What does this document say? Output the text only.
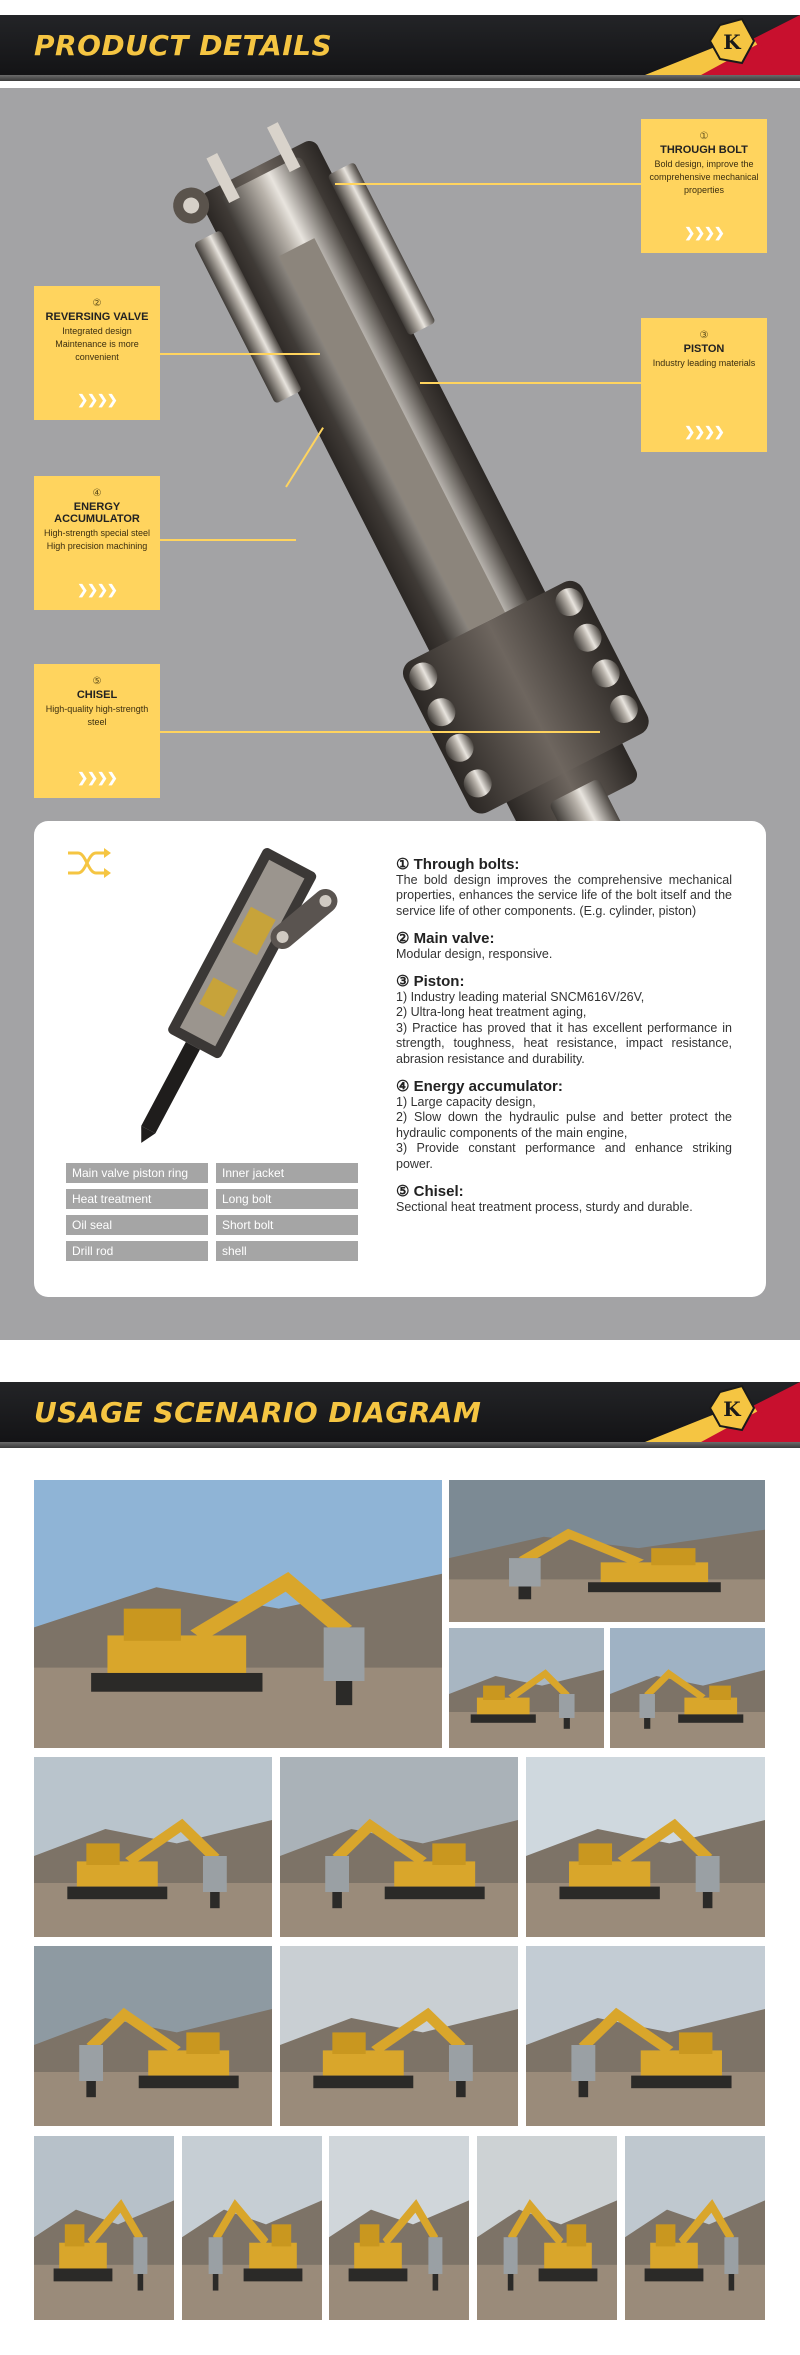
PRODUCT DETAILS	K
①
THROUGH BOLT
Bold design, improve the comprehensive mechanical properties
❯❯❯❯
②
REVERSING VALVE
Integrated design Maintenance is more convenient
❯❯❯❯
③
PISTON
Industry leading materials
❯❯❯❯
④
ENERGY ACCUMULATOR
High-strength special steel High precision machining
❯❯❯❯
⑤
CHISEL
High-quality high-strength steel
❯❯❯❯
① Through bolts:

The bold design improves the comprehensive mechanical properties, enhances the service life of the bolt itself and the service life of other components. (E.g. cylinder, piston)

② Main valve:

Modular design, responsive.

③ Piston:

1) Industry leading material SNCM616V/26V,

2) Ultra-long heat treatment aging,

3) Practice has proved that it has excellent performance in strength, toughness, heat resistance, impact resistance, abrasion resistance and durability.

④ Energy accumulator:

1) Large capacity design,

2) Slow down the hydraulic pulse and better protect the hydraulic components of the main engine,

3) Provide constant performance and enhance striking power.

⑤ Chisel:

Sectional heat treatment process, sturdy and durable.

Main valve piston ring	Inner jacket
Heat treatment	Long bolt
Oil seal	Short bolt
Drill rod	shell
USAGE SCENARIO DIAGRAM	K
